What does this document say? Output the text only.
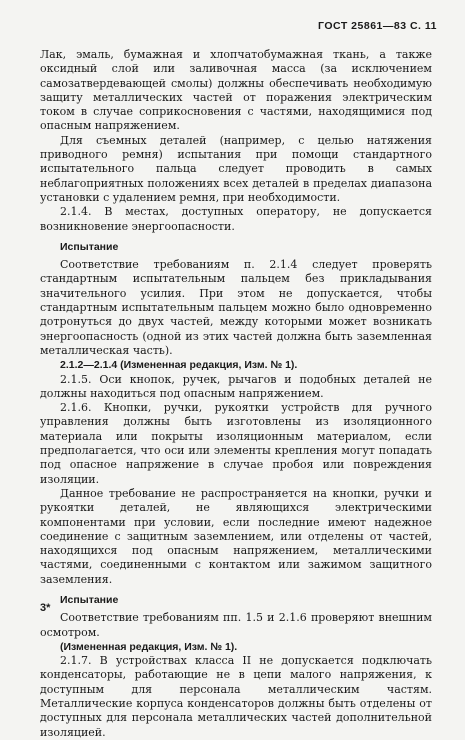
ГОСТ 25861—83 С. 11

Лак, эмаль, бумажная и хлопчатобумажная ткань, а также оксидный слой или заливочная масса (за исключением самозатвердевающей смолы) должны обеспечивать необходимую защиту металлических частей от поражения электрическим током в случае соприкосновения с частями, находящимися под опасным напряжением.

Для съемных деталей (например, с целью натяжения приводного ремня) испытания при помощи стандартного испытательного пальца следует проводить в самых неблагоприятных положениях всех деталей в пределах диапазона установки с удалением ремня, при необходимости.

2.1.4. В местах, доступных оператору, не допускается возникновение энергоопасности.

Испытание

Соответствие требованиям п. 2.1.4 следует проверять стандартным испытательным пальцем без прикладывания значительного усилия. При этом не допускается, чтобы стандартным испытательным пальцем можно было одновременно дотронуться до двух частей, между которыми может возникать энергоопасность (одной из этих частей должна быть заземленная металлическая часть).

2.1.2—2.1.4 (Измененная редакция, Изм. № 1).

2.1.5. Оси кнопок, ручек, рычагов и подобных деталей не должны находиться под опасным напряжением.

2.1.6. Кнопки, ручки, рукоятки устройств для ручного управления должны быть изготовлены из изоляционного материала или покрыты изоляционным материалом, если предполагается, что оси или элементы крепления могут попадать под опасное напряжение в случае пробоя или повреждения изоляции.

Данное требование не распространяется на кнопки, ручки и рукоятки деталей, не являющихся электрическими компонентами при условии, если последние имеют надежное соединение с защитным заземлением, или отделены от частей, находящихся под опасным напряжением, металлическими частями, соединенными с контактом или зажимом защитного заземления.

Испытание

Соответствие требованиям пп. 1.5 и 2.1.6 проверяют внешним осмотром.

(Измененная редакция, Изм. № 1).

2.1.7. В устройствах класса II не допускается подключать конденсаторы, работающие не в цепи малого напряжения, к доступным для персонала металлическим частям. Металлические корпуса конденсаторов должны быть отделены от доступных для персонала металлических частей дополнительной изоляцией.

3*
